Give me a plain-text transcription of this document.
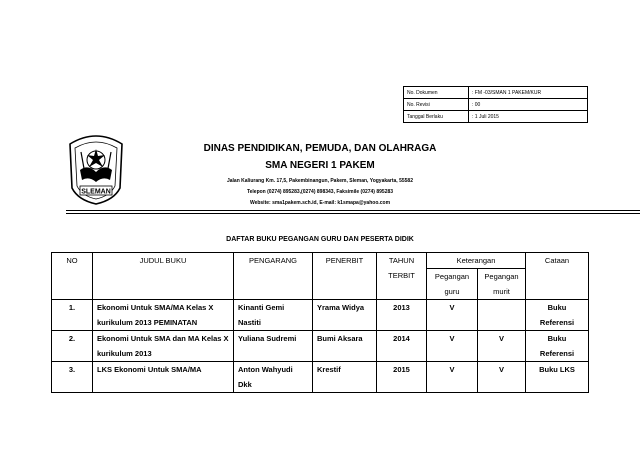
No. Dokumen	: FM -03/SMAN 1 PAKEM/KUR
No. Revisi	: 00
Tanggal Berlaku	: 1 Juli 2015
SLEMAN
DINAS PENDIDIKAN, PEMUDA, DAN OLAHRAGA
SMA NEGERI 1 PAKEM
Jalan Kaliurang Km. 17,5, Pakembinangun, Pakem, Sleman, Yogyakarta, 55582
Telepon (0274) 895283,(0274) 898343, Faksimile (0274) 895283
Website: sma1pakem.sch.id, E-mail: k1smapa@yahoo.com
DAFTAR BUKU PEGANGAN GURU DAN PESERTA DIDIK
NO	JUDUL BUKU	PENGARANG	PENERBIT	TAHUN TERBIT	Keterangan		Cataan
					Pegangan guru	Pegangan murit	
1.	Ekonomi Untuk SMA/MA Kelas X kurikulum 2013 PEMINATAN	Kinanti Gemi Nastiti	Yrama Widya	2013	V		Buku Referensi
2.	Ekonomi Untuk SMA dan MA Kelas X kurikulum 2013	Yuliana Sudremi	Bumi Aksara	2014	V	V	Buku Referensi
3.	LKS Ekonomi Untuk SMA/MA	Anton Wahyudi Dkk	Krestif	2015	V	V	Buku LKS
